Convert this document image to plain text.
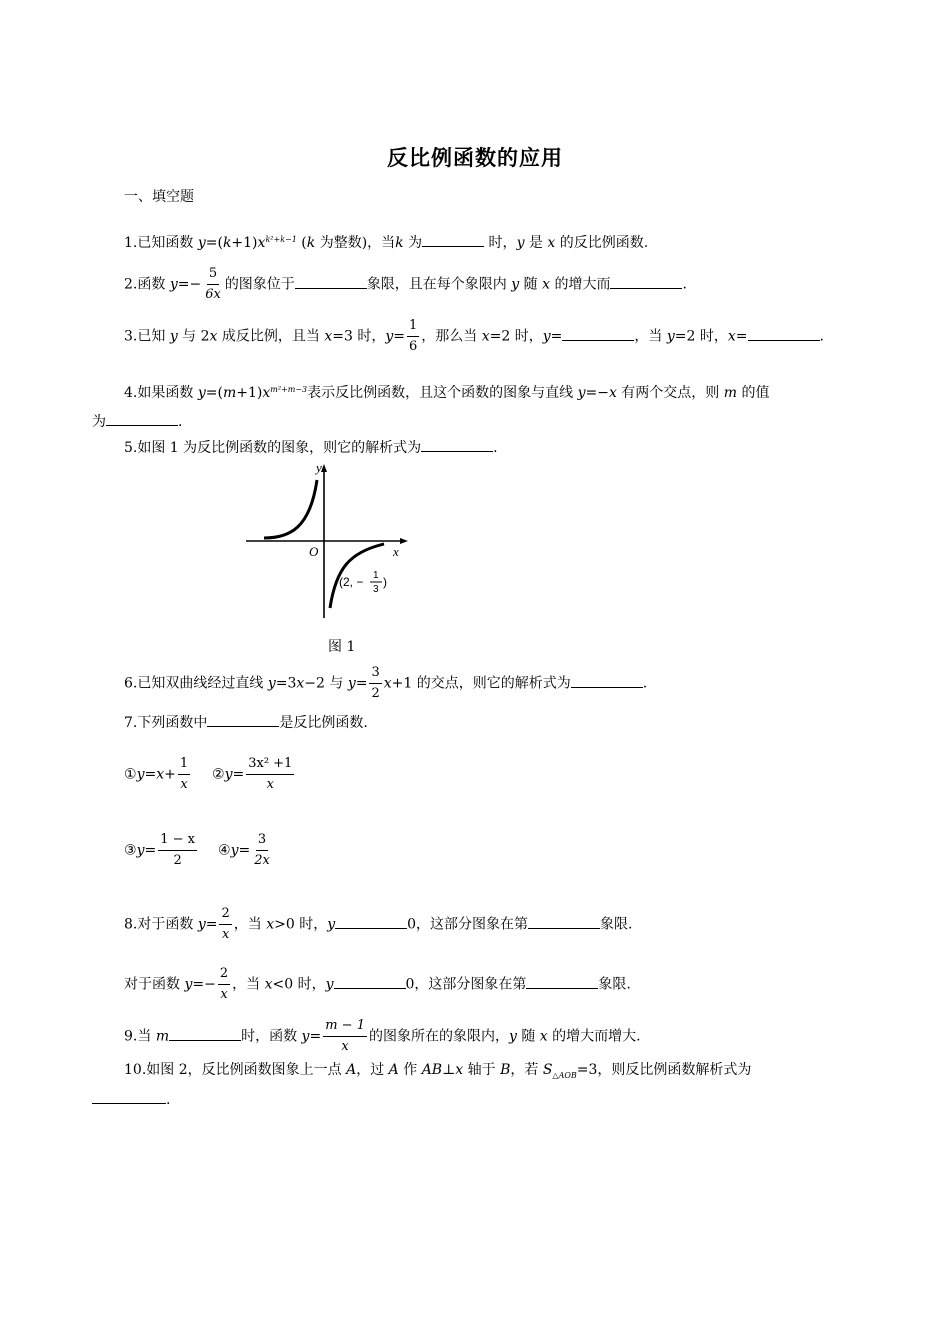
反比例函数的应用
一、填空题
1.已知函数 $y=(k+1)x^{k^2+k-1}$ (k 为整数)，当k 为	时，y 是 x 的反比例函数.
2.函数 $y=- \frac{5}{6x}$ 的图象位于	象限，且在每个象限内 y 随 x 的增大而	.
3.已知 y 与 2x 成反比例，且当 x=3 时，$y= \frac{1}{6}$ ，那么当 x=2 时，y=	，当 y=2 时，x=	.
4.如果函数 $y=(m+1)x^{m^2+m-3}$表示反比例函数，且这个函数的图象与直线 y=−x 有两个交点，则 m 的值
为	.
5.如图 1 为反比例函数的图象，则它的解析式为	.
y
x
O
(2, − 1
3
)
图 1
6.已知双曲线经过直线 y=3x−2 与 $y= \frac{3}{2} x+1$ 的交点，则它的解析式为	.
7.下列函数中	是反比例函数.
①y=x+ $\frac{1}{x}$ ②y= $\frac{\text{3x² +1}}{x}$
③y= $\frac{1 - x}{2}$ ④y= $\frac{3}{2x}$
8.对于函数 $y= \frac{2}{x}$ ，当 x>0 时，y	0，这部分图象在第	象限.
对于函数 $y=- \frac{2}{x}$ ，当 x<0 时，y	0，这部分图象在第	象限.
9.当 m	时，函数 $y= \frac{m - 1}{x}$ 的图象所在的象限内，y 随 x 的增大而增大.
10.如图 2，反比例函数图象上一点 A，过 A 作 AB⊥x 轴于 B，若 $S_{\triangle AOB}=3$，则反比例函数解析式为
.
